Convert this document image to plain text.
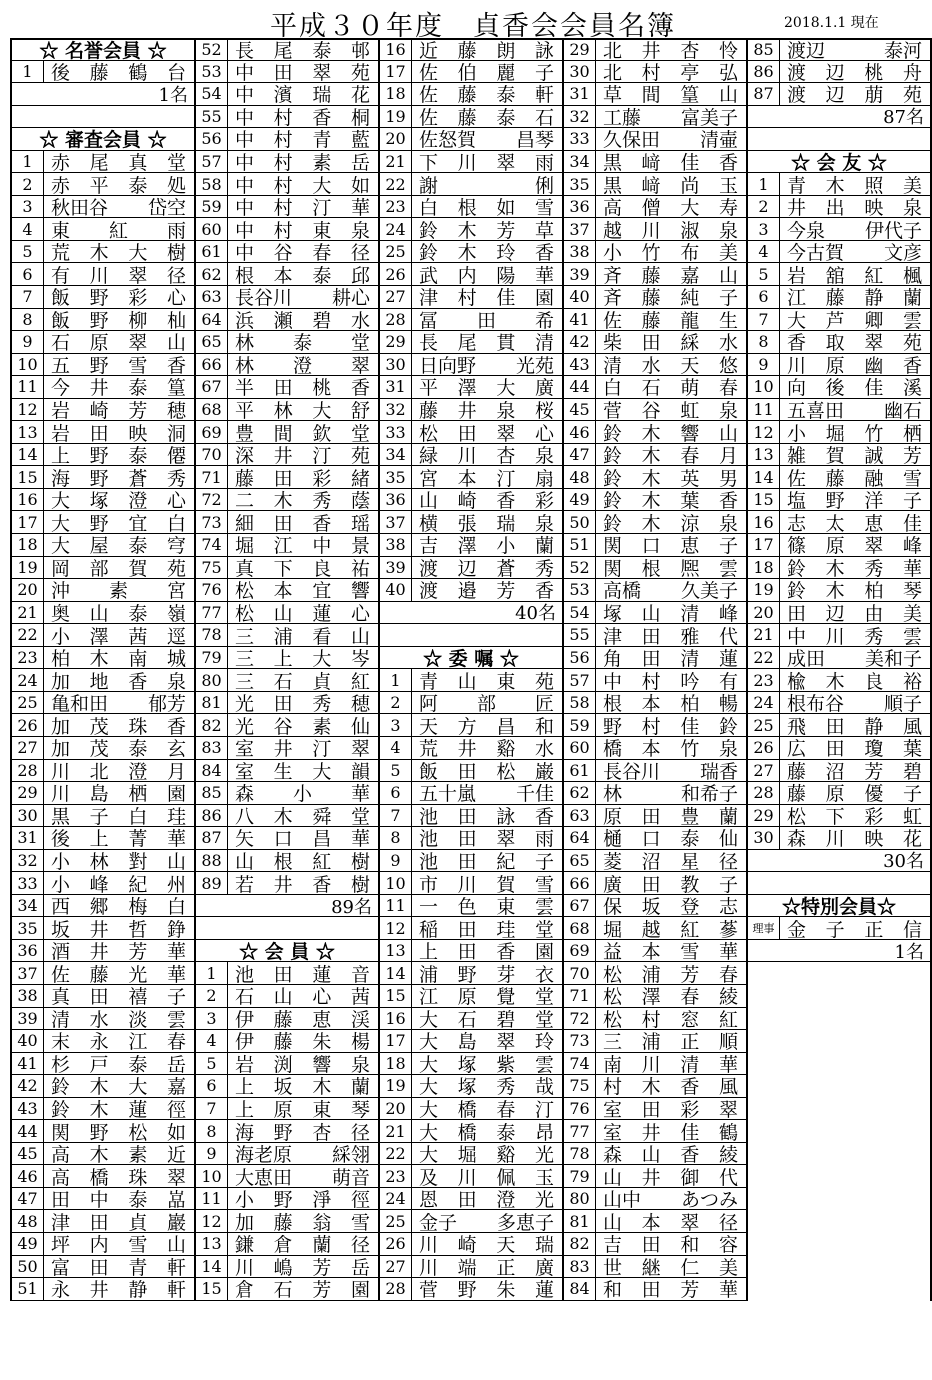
平成３０年度　貞香会会員名簿	2018.1.1 現在
☆ 名誉会員 ☆
1 後 藤 鶴 台
1名
☆ 審査会員 ☆
1 赤 尾 真 堂
2 赤 平 泰 処
3 秋田谷 岱空
4 東 紅 雨
5 荒 木 大 樹
6 有 川 翠 径
7 飯 野 彩 心
8 飯 野 柳 杣
9 石 原 翠 山
10 五 野 雪 香
11 今 井 泰 篁
12 岩 崎 芳 穂
13 岩 田 映 洞
14 上 野 泰 僊
15 海 野 蒼 秀
16 大 塚 澄 心
17 大 野 宜 白
18 大 屋 泰 穹
19 岡 部 賀 苑
20 沖 素 宮
21 奥 山 泰 嶺
22 小 澤 茜 逕
23 柏 木 南 城
24 加 地 香 泉
25 亀和田 郁芳
26 加 茂 珠 香
27 加 茂 泰 玄
28 川 北 澄 月
29 川 島 栖 園
30 黒 子 白 珪
31 後 上 菁 華
32 小 林 對 山
33 小 峰 紀 州
34 西 郷 梅 白
35 坂 井 哲 錚
36 酒 井 芳 華
37 佐 藤 光 華
38 真 田 禧 子
39 清 水 淡 雲
40 末 永 江 春
41 杉 戸 泰 岳
42 鈴 木 大 嘉
43 鈴 木 蓮 徑
44 関 野 松 如
45 高 木 素 近
46 高 橋 珠 翠
47 田 中 泰 嵓
48 津 田 貞 巖
49 坪 内 雪 山
50 富 田 青 軒
51 永 井 静 軒
52 長 尾 泰 邨
53 中 田 翠 苑
54 中 濱 瑞 花
55 中 村 香 桐
56 中 村 青 藍
57 中 村 素 岳
58 中 村 大 如
59 中 村 汀 華
60 中 村 東 泉
61 中 谷 春 径
62 根 本 泰 邱
63 長谷川 耕心
64 浜 瀬 碧 水
65 林 泰 堂
66 林 澄 翠
67 半 田 桃 香
68 平 林 大 舒
69 豊 間 欽 堂
70 深 井 汀 苑
71 藤 田 彩 緒
72 二 木 秀 蔭
73 細 田 香 瑶
74 堀 江 中 景
75 真 下 良 祐
76 松 本 宜 響
77 松 山 蓮 心
78 三 浦 看 山
79 三 上 大 岑
80 三 石 貞 紅
81 光 田 秀 穂
82 光 谷 素 仙
83 室 井 汀 翠
84 室 生 大 韻
85 森 小 華
86 八 木 舜 堂
87 矢 口 昌 華
88 山 根 紅 樹
89 若 井 香 樹
89名
☆ 会 員 ☆
1 池 田 蓮 音
2 石 山 心 茜
3 伊 藤 恵 渓
4 伊 藤 朱 楊
5 岩 渕 響 泉
6 上 坂 木 蘭
7 上 原 東 琴
8 海 野 杏 径
9 海老原 綵翎
10 大恵田 萌音
11 小 野 淨 徑
12 加 藤 翁 雪
13 鎌 倉 蘭 径
14 川 嶋 芳 岳
15 倉 石 芳 園
16 近 藤 朗 詠
17 佐 伯 麗 子
18 佐 藤 泰 軒
19 佐 藤 泰 石
20 佐怒賀 昌琴
21 下 川 翠 雨
22 謝	俐
23 白 根 如 雪
24 鈴 木 芳 草
25 鈴 木 玲 香
26 武 内 陽 華
27 津 村 佳 園
28 冨 田 希
29 長 尾 貫 清
30 日向野 光苑
31 平 澤 大 廣
32 藤 井 泉 桜
33 松 田 翠 心
34 緑 川 杏 泉
35 宮 本 汀 扇
36 山 崎 香 彩
37 横 張 瑞 泉
38 吉 澤 小 蘭
39 渡 辺 蒼 秀
40 渡 邉 芳 香
40名
☆ 委 嘱 ☆
1 青 山 東 苑
2 阿 部 匠
3 天 方 昌 和
4 荒 井 谿 水
5 飯 田 松 巌
6 五十嵐 千佳
7 池 田 詠 香
8 池 田 翠 雨
9 池 田 紀 子
10 市 川 賀 雪
11 一 色 東 雲
12 稲 田 珪 堂
13 上 田 香 園
14 浦 野 芽 衣
15 江 原 覺 堂
16 大 石 碧 堂
17 大 島 翠 玲
18 大 塚 紫 雲
19 大 塚 秀 哉
20 大 橋 春 汀
21 大 橋 泰 昂
22 大 堀 谿 光
23 及 川 佩 玉
24 恩 田 澄 光
25 金子 多恵子
26 川 崎 天 瑞
27 川 端 正 廣
28 菅 野 朱 蓮
29 北 井 杏 怜
30 北 村 亭 弘
31 草 間 篁 山
32 工藤 富美子
33 久保田 清壷
34 黒 﨑 佳 香
35 黒 﨑 尚 玉
36 高 僧 大 寿
37 越 川 淑 泉
38 小 竹 布 美
39 斉 藤 嘉 山
40 斉 藤 純 子
41 佐 藤 龍 生
42 柴 田 綵 水
43 清 水 天 悠
44 白 石 萌 春
45 菅 谷 虹 泉
46 鈴 木 響 山
47 鈴 木 春 月
48 鈴 木 英 男
49 鈴 木 葉 香
50 鈴 木 涼 泉
51 関 口 恵 子
52 関 根 熈 雲
53 高橋 久美子
54 塚 山 清 峰
55 津 田 雅 代
56 角 田 清 蓮
57 中 村 吟 有
58 根 本 柏 暢
59 野 村 佳 鈴
60 橋 本 竹 泉
61 長谷川 瑞香
62 林	和希子
63 原 田 豊 蘭
64 樋 口 泰 仙
65 菱 沼 星 径
66 廣 田 教 子
67 保 坂 登 志
68 堀 越 紅 蔘
69 益 本 雪 華
70 松 浦 芳 春
71 松 澤 春 綾
72 松 村 窓 紅
73 三 浦 正 順
74 南 川 清 華
75 村 木 香 風
76 室 田 彩 翠
77 室 井 佳 鶴
78 森 山 香 綾
79 山 井 御 代
80 山中 あつみ
81 山 本 翠 径
82 吉 田 和 容
83 世 継 仁 美
84 和 田 芳 華
85 渡辺	泰河
86 渡 辺 桃 舟
87 渡 辺 萠 苑
87名
☆ 会 友 ☆
1 青 木 照 美
2 井 出 映 泉
3 今泉 伊代子
4 今古賀 文彦
5 岩 舘 紅 楓
6 江 藤 静 蘭
7 大 芦 卿 雲
8 香 取 翠 苑
9 川 原 幽 香
10 向 後 佳 溪
11 五喜田 幽石
12 小 堀 竹 栖
13 雑 賀 誠 芳
14 佐 藤 融 雪
15 塩 野 洋 子
16 志 太 恵 佳
17 篠 原 翠 峰
18 鈴 木 秀 華
19 鈴 木 柏 琴
20 田 辺 由 美
21 中 川 秀 雲
22 成田 美和子
23 楡 木 良 裕
24 根布谷 順子
25 飛 田 静 風
26 広 田 瓊 葉
27 藤 沼 芳 碧
28 藤 原 優 子
29 松 下 彩 虹
30 森 川 映 花
30名
☆特別会員☆
理事 金 子 正 信
1名
